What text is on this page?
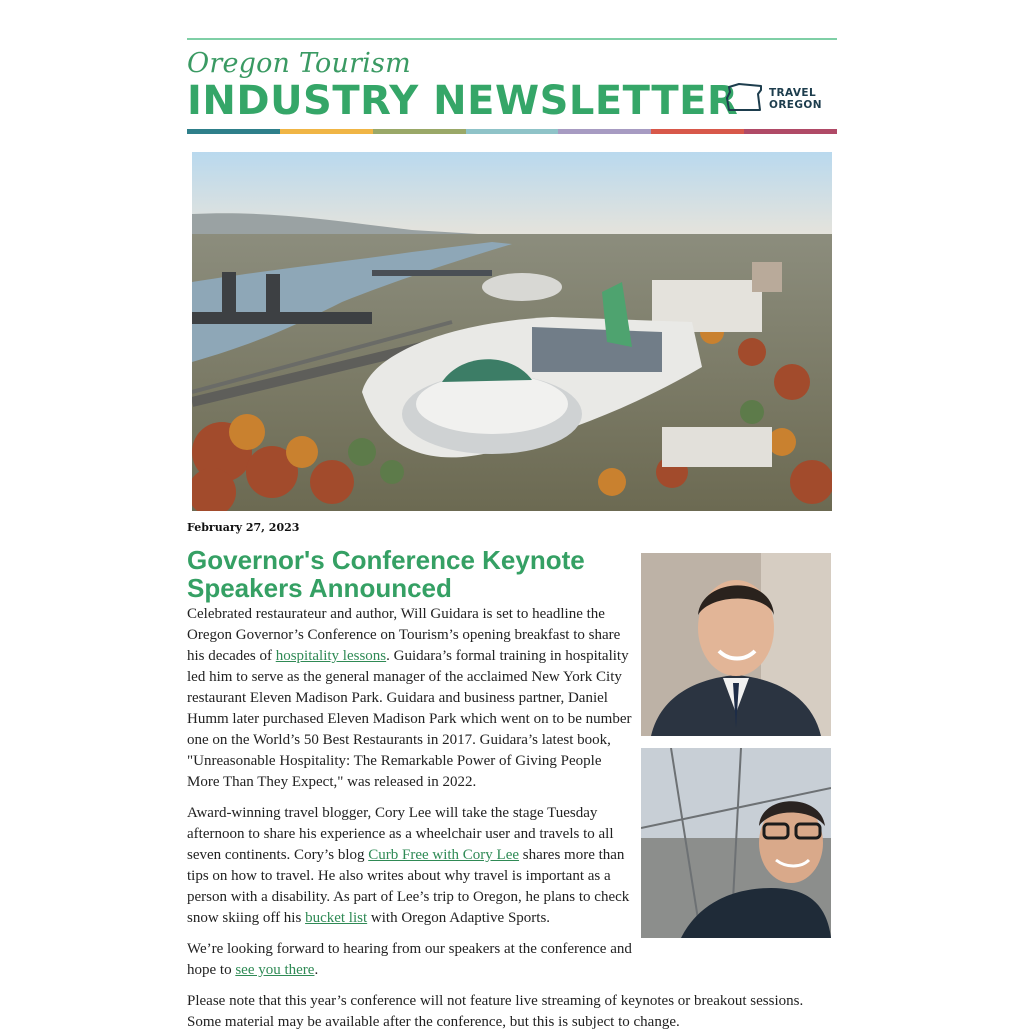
Oregon Tourism
INDUSTRY NEWSLETTER	TRAVEL
OREGON
February 27, 2023
Governor's Conference Keynote Speakers Announced

Celebrated restaurateur and author, Will Guidara is set to headline the Oregon Governor’s Conference on Tourism’s opening breakfast to share his decades of hospitality lessons. Guidara’s formal training in hospitality led him to serve as the general manager of the acclaimed New York City restaurant Eleven Madison Park. Guidara and business partner, Daniel Humm later purchased Eleven Madison Park which went on to be number one on the World’s 50 Best Restaurants in 2017. Guidara’s latest book, "Unreasonable Hospitality: The Remarkable Power of Giving People More Than They Expect," was released in 2022.

Award-winning travel blogger, Cory Lee will take the stage Tuesday afternoon to share his experience as a wheelchair user and travels to all seven continents. Cory’s blog Curb Free with Cory Lee shares more than tips on how to travel. He also writes about why travel is important as a person with a disability. As part of Lee’s trip to Oregon, he plans to check snow skiing off his bucket list with Oregon Adaptive Sports.

We’re looking forward to hearing from our speakers at the conference and hope to see you there.

Please note that this year’s conference will not feature live streaming of keynotes or breakout sessions. Some material may be available after the conference, but this is subject to change.
